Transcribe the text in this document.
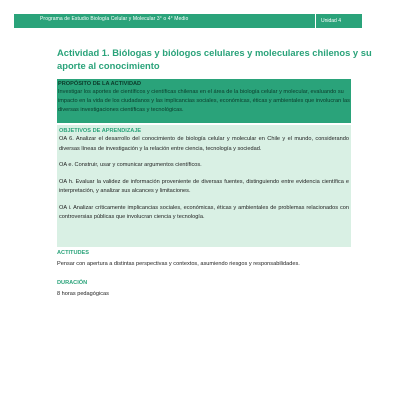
Programa de Estudio Biología Celular y Molecular 3° o 4° Medio	Unidad 4
Actividad 1. Biólogas y biólogos celulares y moleculares chilenos y su aporte al conocimiento
PROPÓSITO DE LA ACTIVIDAD
Investigar los aportes de científicos y científicas chilenas en el área de la biología celular y molecular, evaluando su impacto en la vida de los ciudadanos y las implicancias sociales, económicas, éticas y ambientales que involucran las diversas investigaciones científicas y tecnológicas.
OBJETIVOS DE APRENDIZAJE
OA 6. Analizar el desarrollo del conocimiento de biología celular y molecular en Chile y el mundo, considerando diversas líneas de investigación y la relación entre ciencia, tecnología y sociedad.
OA e. Construir, usar y comunicar argumentos científicos.
OA h. Evaluar la validez de información proveniente de diversas fuentes, distinguiendo entre evidencia científica e interpretación, y analizar sus alcances y limitaciones.
OA i. Analizar críticamente implicancias sociales, económicas, éticas y ambientales de problemas relacionados con controversias públicas que involucran ciencia y tecnología.
ACTITUDES
Pensar con apertura a distintas perspectivas y contextos, asumiendo riesgos y responsabilidades.
DURACIÓN
8 horas pedagógicas
